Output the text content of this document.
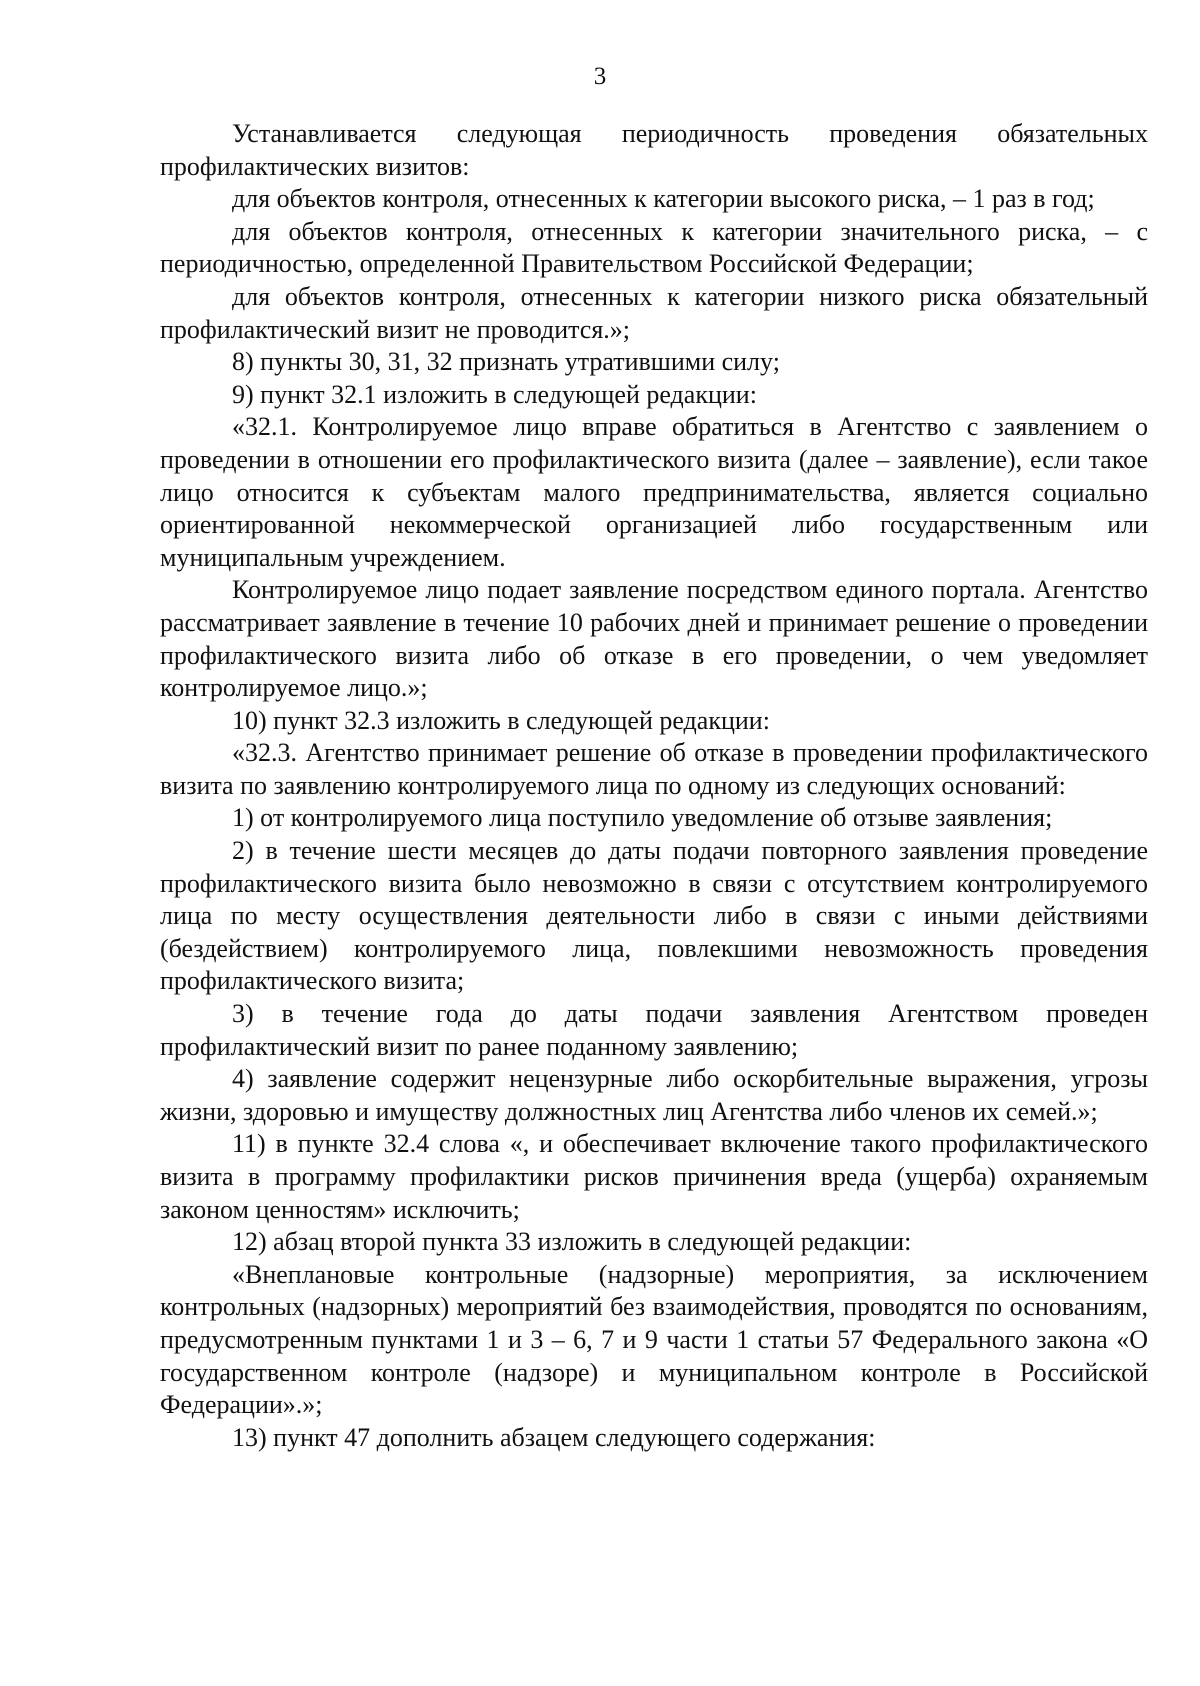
3

Устанавливается следующая периодичность проведения обязательных профилактических визитов:

для объектов контроля, отнесенных к категории высокого риска, – 1 раз в год;

для объектов контроля, отнесенных к категории значительного риска, – с периодичностью, определенной Правительством Российской Федерации;

для объектов контроля, отнесенных к категории низкого риска обязательный профилактический визит не проводится.»;

8) пункты 30, 31, 32 признать утратившими силу;

9) пункт 32.1 изложить в следующей редакции:

«32.1. Контролируемое лицо вправе обратиться в Агентство с заявлением о проведении в отношении его профилактического визита (далее – заявление), если такое лицо относится к субъектам малого предпринимательства, является социально ориентированной некоммерческой организацией либо государственным или муниципальным учреждением.

Контролируемое лицо подает заявление посредством единого портала. Агентство рассматривает заявление в течение 10 рабочих дней и принимает решение о проведении профилактического визита либо об отказе в его проведении, о чем уведомляет контролируемое лицо.»;

10) пункт 32.3 изложить в следующей редакции:

«32.3. Агентство принимает решение об отказе в проведении профилактического визита по заявлению контролируемого лица по одному из следующих оснований:

1) от контролируемого лица поступило уведомление об отзыве заявления;

2) в течение шести месяцев до даты подачи повторного заявления проведение профилактического визита было невозможно в связи с отсутствием контролируемого лица по месту осуществления деятельности либо в связи с иными действиями (бездействием) контролируемого лица, повлекшими невозможность проведения профилактического визита;

3) в течение года до даты подачи заявления Агентством проведен профилактический визит по ранее поданному заявлению;

4) заявление содержит нецензурные либо оскорбительные выражения, угрозы жизни, здоровью и имуществу должностных лиц Агентства либо членов их семей.»;

11) в пункте 32.4 слова «, и обеспечивает включение такого профилактического визита в программу профилактики рисков причинения вреда (ущерба) охраняемым законом ценностям» исключить;

12) абзац второй пункта 33 изложить в следующей редакции:

«Внеплановые контрольные (надзорные) мероприятия, за исключением контрольных (надзорных) мероприятий без взаимодействия, проводятся по основаниям, предусмотренным пунктами 1 и 3 – 6, 7 и 9 части 1 статьи 57 Федерального закона «О государственном контроле (надзоре) и муниципальном контроле в Российской Федерации».»;

13) пункт 47 дополнить абзацем следующего содержания:
